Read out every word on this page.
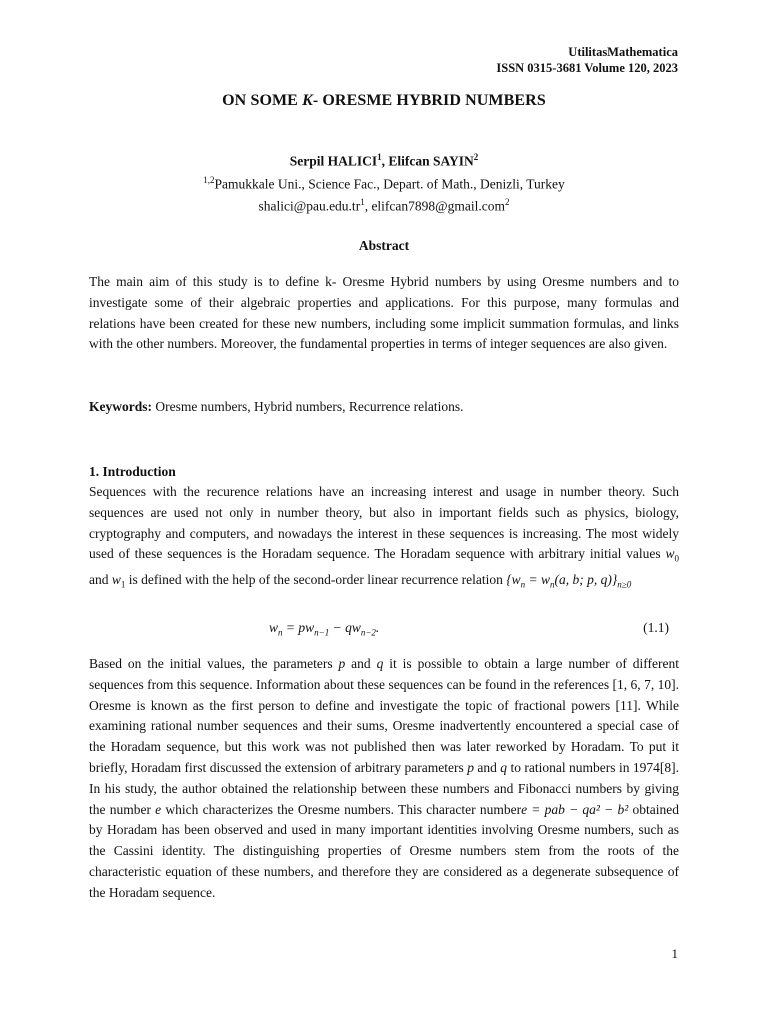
UtilitasMathematica
ISSN 0315-3681 Volume 120, 2023
ON SOME K- ORESME HYBRID NUMBERS
Serpil HALICI$^1$, Elifcan SAYIN$^2$
$^{1,2}$Pamukkale Uni., Science Fac., Depart. of Math., Denizli, Turkey
$shalici@pau.edu.tr^1$, elifcan7898@gmail.com$^2$
Abstract
The main aim of this study is to define k- Oresme Hybrid numbers by using Oresme numbers and to investigate some of their algebraic properties and applications. For this purpose, many formulas and relations have been created for these new numbers, including some implicit summation formulas, and links with the other numbers. Moreover, the fundamental properties in terms of integer sequences are also given.
Keywords: Oresme numbers, Hybrid numbers, Recurrence relations.
1. Introduction
Sequences with the recurence relations have an increasing interest and usage in number theory. Such sequences are used not only in number theory, but also in important fields such as physics, biology, cryptography and computers, and nowadays the interest in these sequences is increasing. The most widely used of these sequences is the Horadam sequence. The Horadam sequence with arbitrary initial values $w_0$ and $w_1$ is defined with the help of the second-order linear recurrence relation {$w_n = w_n(a$, b; p, $q)\}_{n\ge 0}$
$w_n = pw_{n-1} - qw_{n-2}$.	(1.1)
Based on the initial values, the parameters p and q it is possible to obtain a large number of different sequences from this sequence. Information about these sequences can be found in the references [1, 6, 7, 10]. Oresme is known as the first person to define and investigate the topic of fractional powers [11]. While examining rational number sequences and their sums, Oresme inadvertently encountered a special case of the Horadam sequence, but this work was not published then was later reworked by Horadam. To put it briefly, Horadam first discussed the extension of arbitrary parameters p and q to rational numbers in 1974[8]. In his study, the author obtained the relationship between these numbers and Fibonacci numbers by giving the number e which characterizes the Oresme numbers. This character numbere = pab − qa² − b² obtained by Horadam has been observed and used in many important identities involving Oresme numbers, such as the Cassini identity. The distinguishing properties of Oresme numbers stem from the roots of the characteristic equation of these numbers, and therefore they are considered as a degenerate subsequence of the Horadam sequence.
1
